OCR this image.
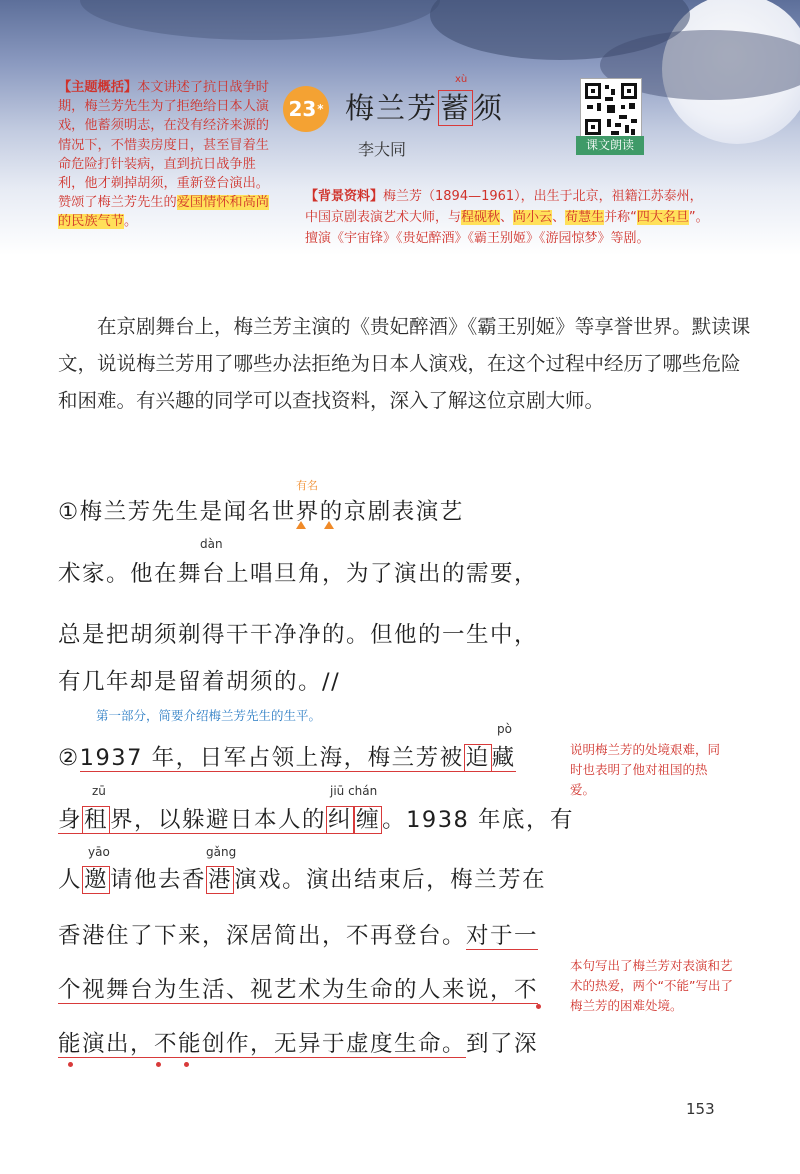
【主题概括】本文讲述了抗日战争时期，梅兰芳先生为了拒绝给日本人演戏，他蓄须明志，在没有经济来源的情况下，不惜卖房度日，甚至冒着生命危险打针装病，直到抗日战争胜利，他才剃掉胡须，重新登台演出。赞颂了梅兰芳先生的爱国情怀和高尚的民族气节。
23 *
xù
梅兰芳蓄须
李大同	课文朗读
【背景资料】梅兰芳（1894—1961），出生于北京，祖籍江苏泰州，中国京剧表演艺术大师，与程砚秋、尚小云、荀慧生并称“四大名旦”。擅演《宇宙锋》《贵妃醉酒》《霸王别姬》《游园惊梦》等剧。
在京剧舞台上，梅兰芳主演的《贵妃醉酒》《霸王别姬》等享誉世界。默读课文，说说梅兰芳用了哪些办法拒绝为日本人演戏，在这个过程中经历了哪些危险和困难。有兴趣的同学可以查找资料，深入了解这位京剧大师。
有名
①梅兰芳先生是闻名世界的京剧表演艺
dàn
术家。他在舞台上唱旦角，为了演出的需要，
总是把胡须剃得干干净净的。但他的一生中，
有几年却是留着胡须的。//
第一部分，简要介绍梅兰芳先生的生平。
pò
②1937 年，日军占领上海，梅兰芳被迫藏
zū	jiū chán
身租界，以躲避日本人的纠 缠。1938 年底，有
yāo	gǎng
人邀请他去香港演戏。演出结束后，梅兰芳在
香港住了下来，深居简出，不再登台。对于一
个视舞台为生活、视艺术为生命的人来说，不
能演出，不能创作，无异于虚度生命。到了深
说明梅兰芳的处境艰难，同时也表明了他对祖国的热爱。
本句写出了梅兰芳对表演和艺术的热爱，两个“不能”写出了梅兰芳的困难处境。
153
